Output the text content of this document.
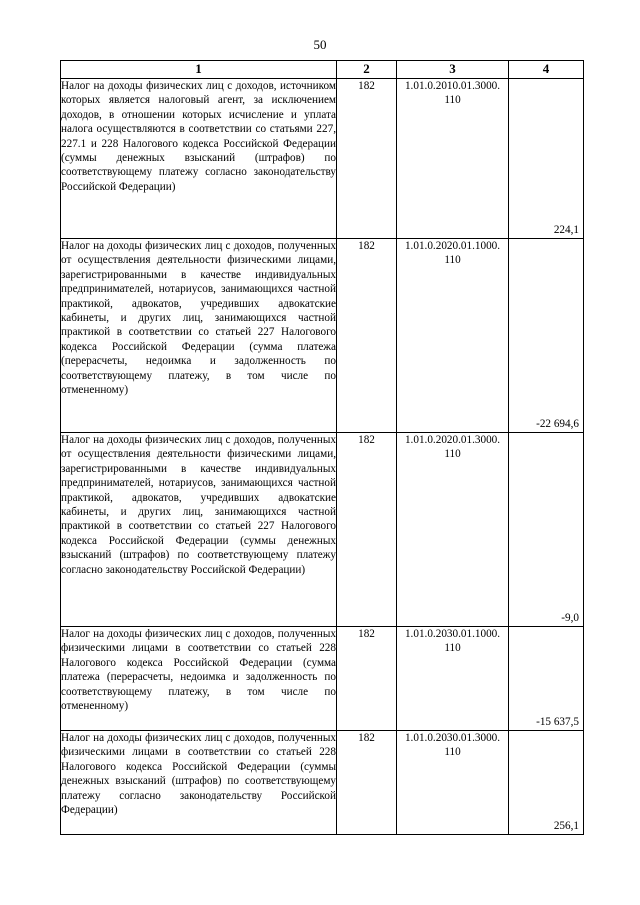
50
1	2	3	4
Налог на доходы физических лиц с доходов, источником которых является налоговый агент, за исключением доходов, в отношении которых исчисление и уплата налога осуществляются в соответствии со статьями 227, 227.1 и 228 Налогового кодекса Российской Федерации (суммы денежных взысканий (штрафов) по соответствующему платежу согласно законодательству Российской Федерации)	182	1.01.0.2010.01.3000. 110	224,1
Налог на доходы физических лиц с доходов, полученных от осуществления деятельности физическими лицами, зарегистрированными в качестве индивидуальных предпринимателей, нотариусов, занимающихся частной практикой, адвокатов, учредивших адвокатские кабинеты, и других лиц, занимающихся частной практикой в соответствии со статьей 227 Налогового кодекса Российской Федерации (сумма платежа (перерасчеты, недоимка и задолженность по соответствующему платежу, в том числе по отмененному)	182	1.01.0.2020.01.1000. 110	-22 694,6
Налог на доходы физических лиц с доходов, полученных от осуществления деятельности физическими лицами, зарегистрированными в качестве индивидуальных предпринимателей, нотариусов, занимающихся частной практикой, адвокатов, учредивших адвокатские кабинеты, и других лиц, занимающихся частной практикой в соответствии со статьей 227 Налогового кодекса Российской Федерации (суммы денежных взысканий (штрафов) по соответствующему платежу согласно законодательству Российской Федерации)	182	1.01.0.2020.01.3000. 110	-9,0
Налог на доходы физических лиц с доходов, полученных физическими лицами в соответствии со статьей 228 Налогового кодекса Российской Федерации (сумма платежа (перерасчеты, недоимка и задолженность по соответствующему платежу, в том числе по отмененному)	182	1.01.0.2030.01.1000. 110	-15 637,5
Налог на доходы физических лиц с доходов, полученных физическими лицами в соответствии со статьей 228 Налогового кодекса Российской Федерации (суммы денежных взысканий (штрафов) по соответствующему платежу согласно законодательству Российской Федерации)	182	1.01.0.2030.01.3000. 110	256,1
